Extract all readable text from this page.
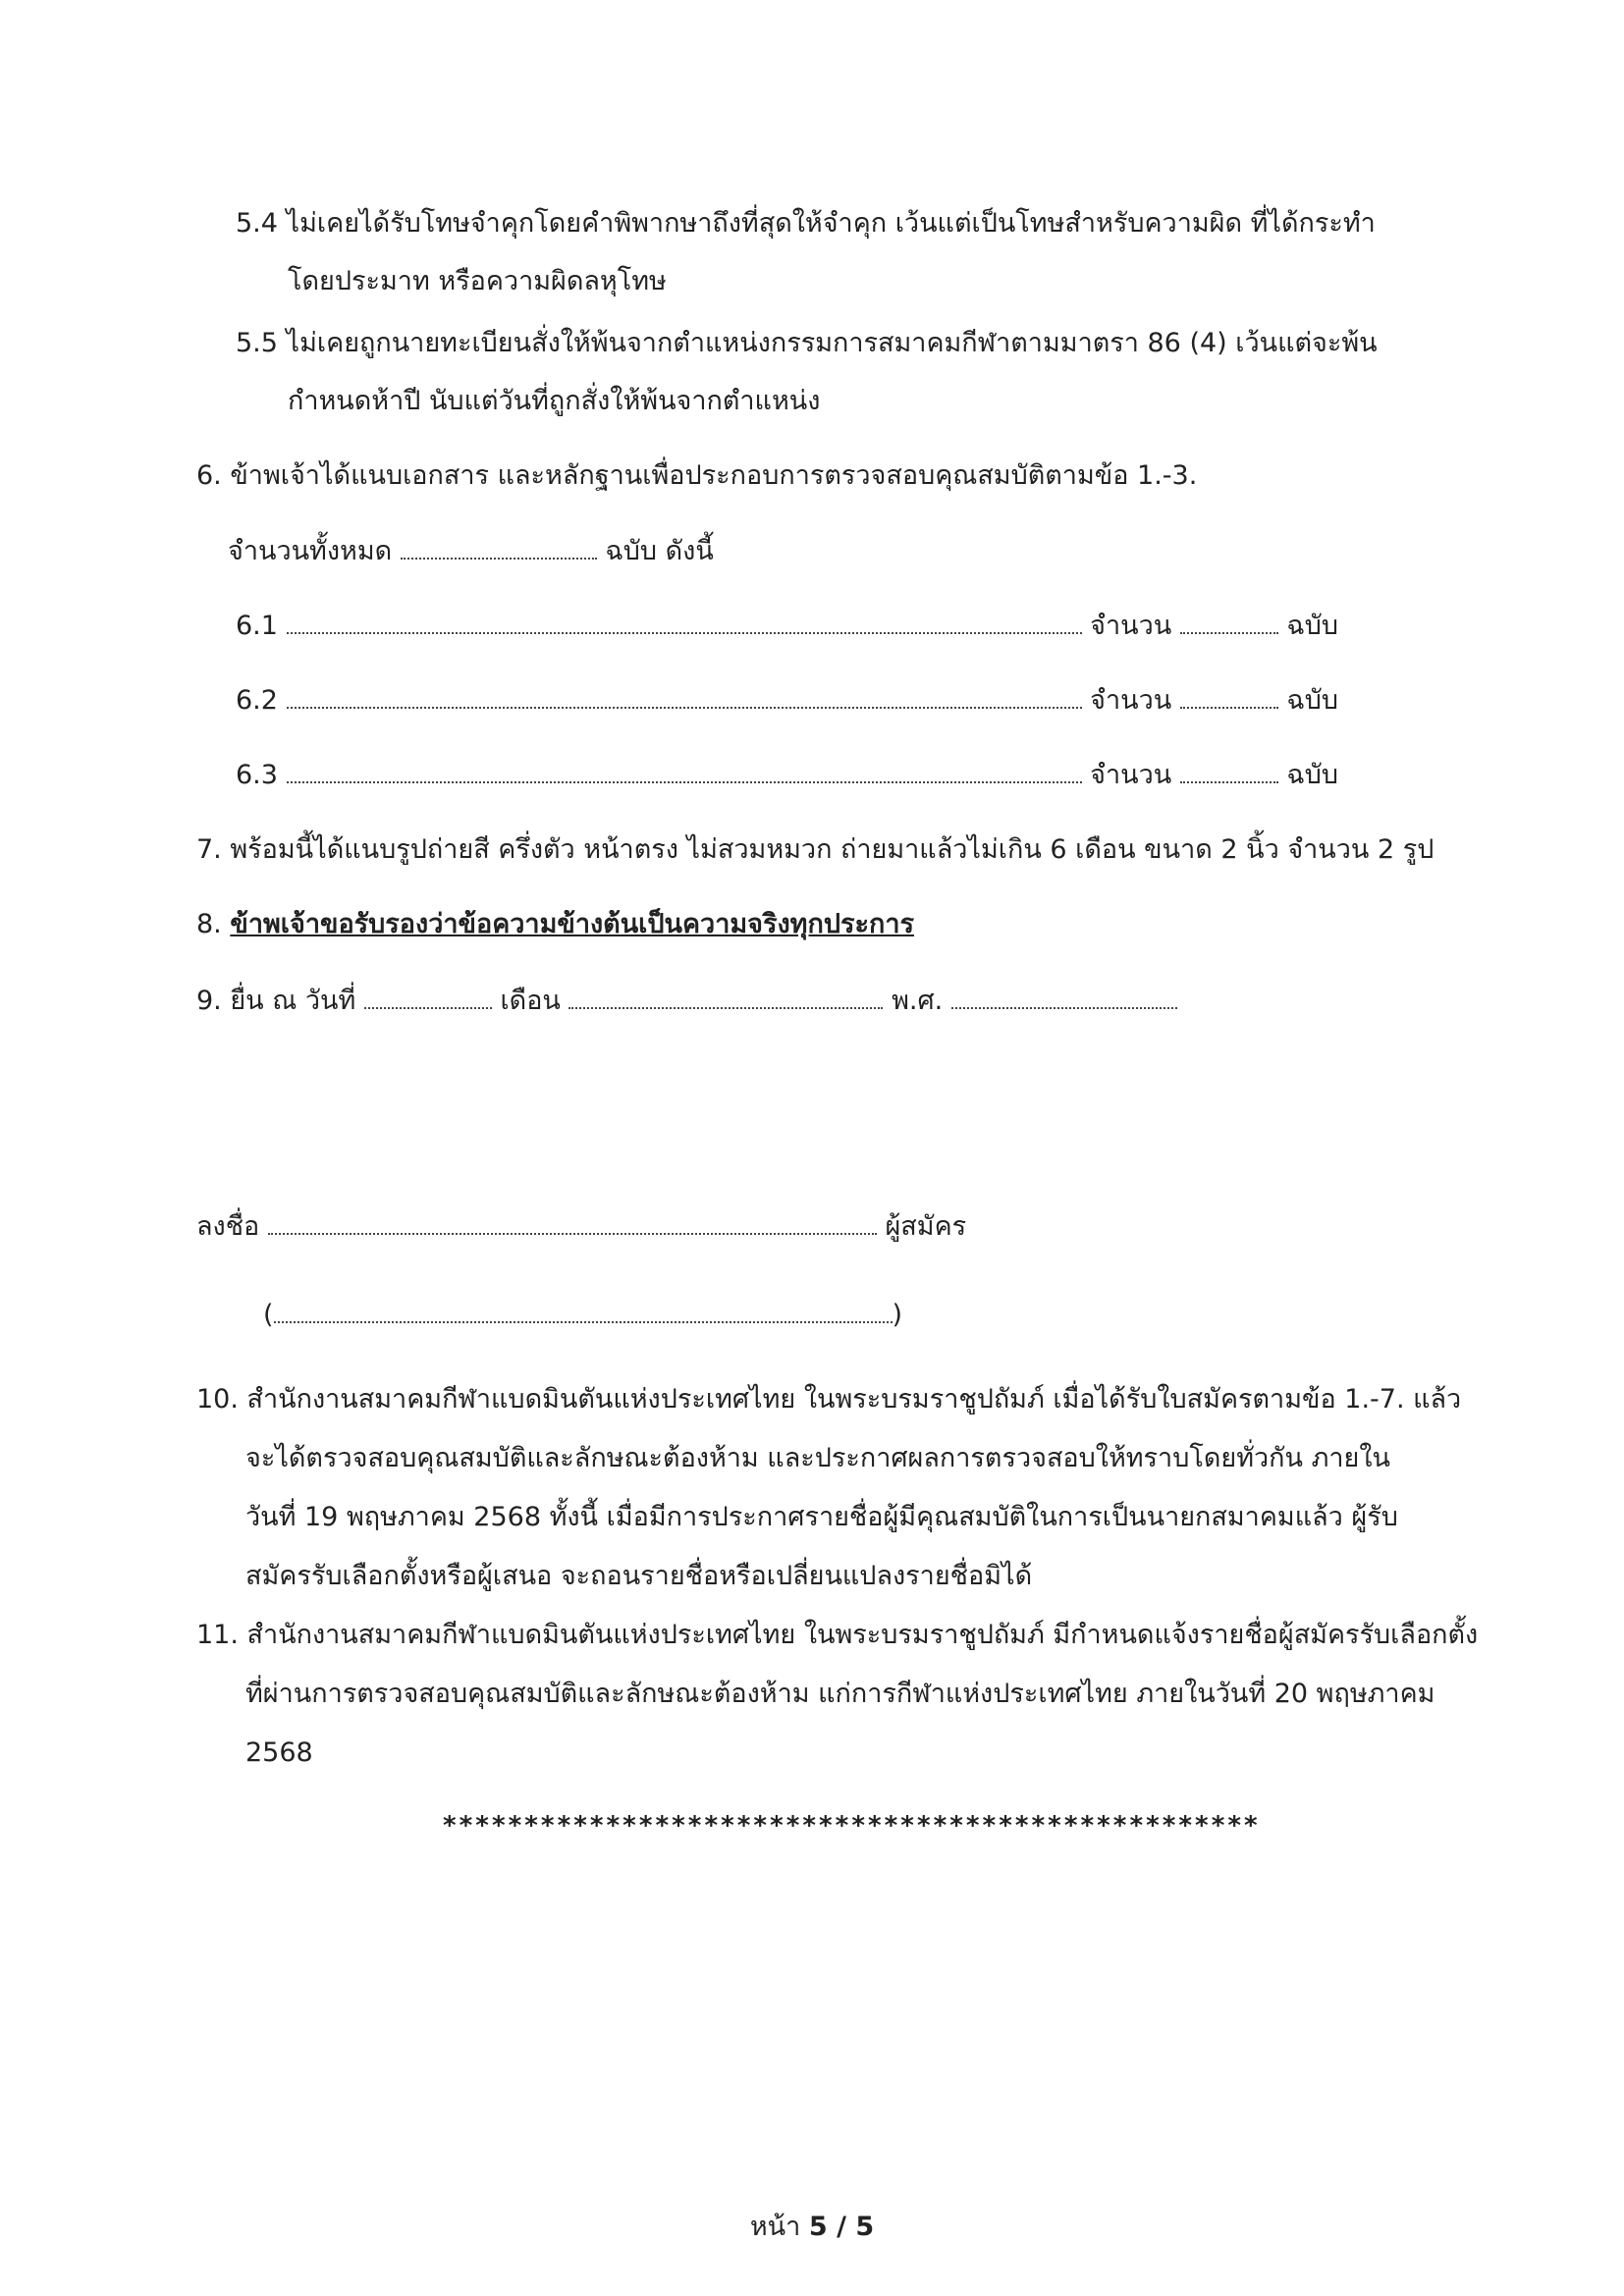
5.4 ไม่เคยได้รับโทษจำคุกโดยคำพิพากษาถึงที่สุดให้จำคุก เว้นแต่เป็นโทษสำหรับความผิด ที่ได้กระทำ
โดยประมาท หรือความผิดลหุโทษ
5.5 ไม่เคยถูกนายทะเบียนสั่งให้พ้นจากตำแหน่งกรรมการสมาคมกีฬาตามมาตรา 86 (4) เว้นแต่จะพ้น
กำหนดห้าปี นับแต่วันที่ถูกสั่งให้พ้นจากตำแหน่ง
6. ข้าพเจ้าได้แนบเอกสาร และหลักฐานเพื่อประกอบการตรวจสอบคุณสมบัติตามข้อ 1.-3.
จำนวนทั้งหมด	ฉบับ ดังนี้
6.1	จำนวน	ฉบับ
6.2	จำนวน	ฉบับ
6.3	จำนวน	ฉบับ
7. พร้อมนี้ได้แนบรูปถ่ายสี ครึ่งตัว หน้าตรง ไม่สวมหมวก ถ่ายมาแล้วไม่เกิน 6 เดือน ขนาด 2 นิ้ว จำนวน 2 รูป
8. ข้าพเจ้าขอรับรองว่าข้อความข้างต้นเป็นความจริงทุกประการ
9. ยื่น ณ วันที่	เดือน	พ.ศ.
ลงชื่อ	ผู้สมัคร
(	)
10. สำนักงานสมาคมกีฬาแบดมินตันแห่งประเทศไทย ในพระบรมราชูปถัมภ์ เมื่อได้รับใบสมัครตามข้อ 1.-7. แล้ว
จะได้ตรวจสอบคุณสมบัติและลักษณะต้องห้าม และประกาศผลการตรวจสอบให้ทราบโดยทั่วกัน ภายใน
วันที่ 19 พฤษภาคม 2568 ทั้งนี้ เมื่อมีการประกาศรายชื่อผู้มีคุณสมบัติในการเป็นนายกสมาคมแล้ว ผู้รับ
สมัครรับเลือกตั้งหรือผู้เสนอ จะถอนรายชื่อหรือเปลี่ยนแปลงรายชื่อมิได้
11. สำนักงานสมาคมกีฬาแบดมินตันแห่งประเทศไทย ในพระบรมราชูปถัมภ์ มีกำหนดแจ้งรายชื่อผู้สมัครรับเลือกตั้ง
ที่ผ่านการตรวจสอบคุณสมบัติและลักษณะต้องห้าม แก่การกีฬาแห่งประเทศไทย ภายในวันที่ 20 พฤษภาคม
2568
**************************************************
หน้า 5 / 5
